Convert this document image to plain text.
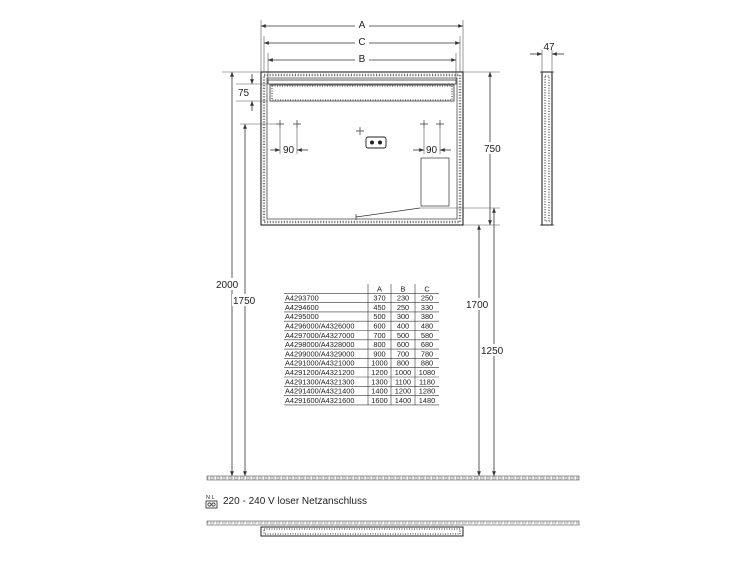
A
C
B
47
75
90	90	750
2000
1750	1700
1250
A	B	C
A4293700	370 230 250
A4294600	450 250 330
A4295000	500 300 380
A4296000/A4326000	600 400 480
A4297000/A4327000	700 500 580
A4298000/A4328000	800 600 680
A4299000/A4329000	900 700 780
A4291000/A4321000 1000 800 880
A4291200/A4321200 1200 1000 1080
A4291300/A4321300 1300 1100 1180
A4291400/A4321400 1400 1200 1280
A4291600/A4321600 1600 1400 1480
N L 220 - 240 V loser Netzanschluss
